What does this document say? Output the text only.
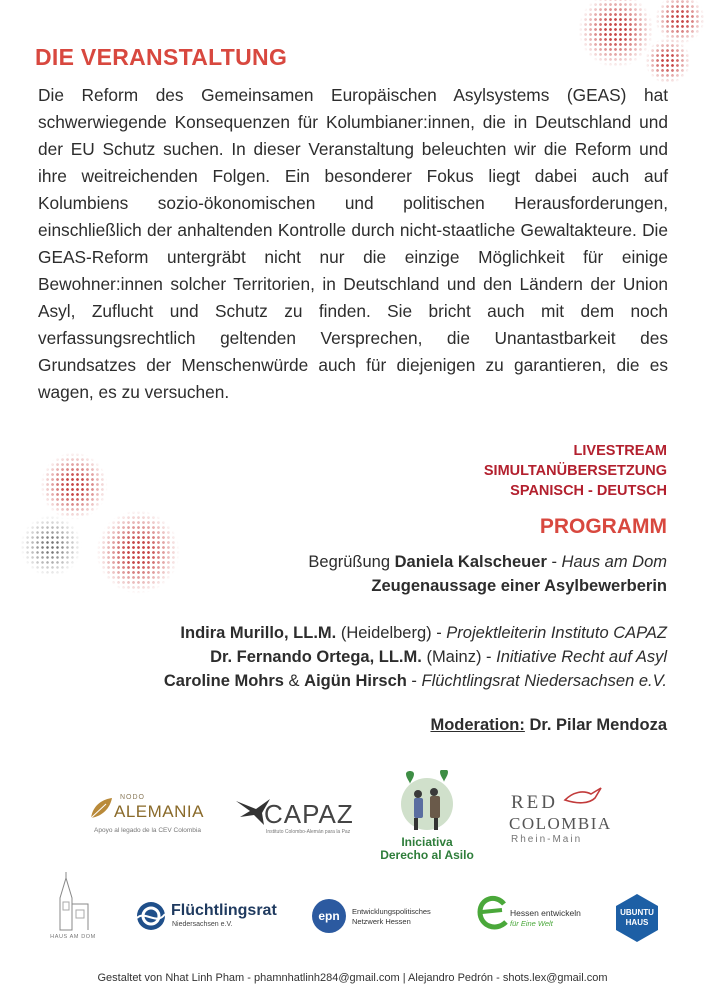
DIE VERANSTALTUNG

Die Reform des Gemeinsamen Europäischen Asylsystems (GEAS) hat schwerwiegende Konsequenzen für Kolumbianer:innen, die in Deutschland und der EU Schutz suchen. In dieser Veranstaltung beleuchten wir die Reform und ihre weitreichenden Folgen. Ein besonderer Fokus liegt dabei auch auf Kolumbiens sozio-ökonomischen und politischen Herausforderungen, einschließlich der anhaltenden Kontrolle durch nicht-staatliche Gewaltakteure. Die GEAS-Reform untergräbt nicht nur die einzige Möglichkeit für einige Bewohner:innen solcher Territorien, in Deutschland und den Ländern der Union Asyl, Zuflucht und Schutz zu finden. Sie bricht auch mit dem noch verfassungsrechtlich geltenden Versprechen, die Unantastbarkeit des Grundsatzes der Menschenwürde auch für diejenigen zu garantieren, die es wagen, es zu versuchen.

LIVESTREAM
SIMULTANÜBERSETZUNG
SPANISCH - DEUTSCH
PROGRAMM
Begrüßung Daniela Kalscheuer - Haus am Dom
Zeugenaussage einer Asylbewerberin
Indira Murillo, LL.M. (Heidelberg) - Projektleiterin Instituto CAPAZ
Dr. Fernando Ortega, LL.M. (Mainz) - Initiative Recht auf Asyl
Caroline Mohrs & Aigün Hirsch - Flüchtlingsrat Niedersachsen e.V.
Moderation: Dr. Pilar Mendoza
NODO
ALEMANIA
Apoyo al legado de la CEV Colombia
CAPAZ
Instituto Colombo-Alemán para la Paz
Iniciativa
Derecho al Asilo
RED
COLOMBIA
Rhein-Main
HAUS AM DOM
Flüchtlingsrat
Niedersachsen e.V.
epn	Entwicklungspolitisches
Netzwerk Hessen
Hessen entwickeln
für Eine Welt
UBUNTU
HAUS
Gestaltet von Nhat Linh Pham - phamnhatlinh284@gmail.com | Alejandro Pedrón - shots.lex@gmail.com
